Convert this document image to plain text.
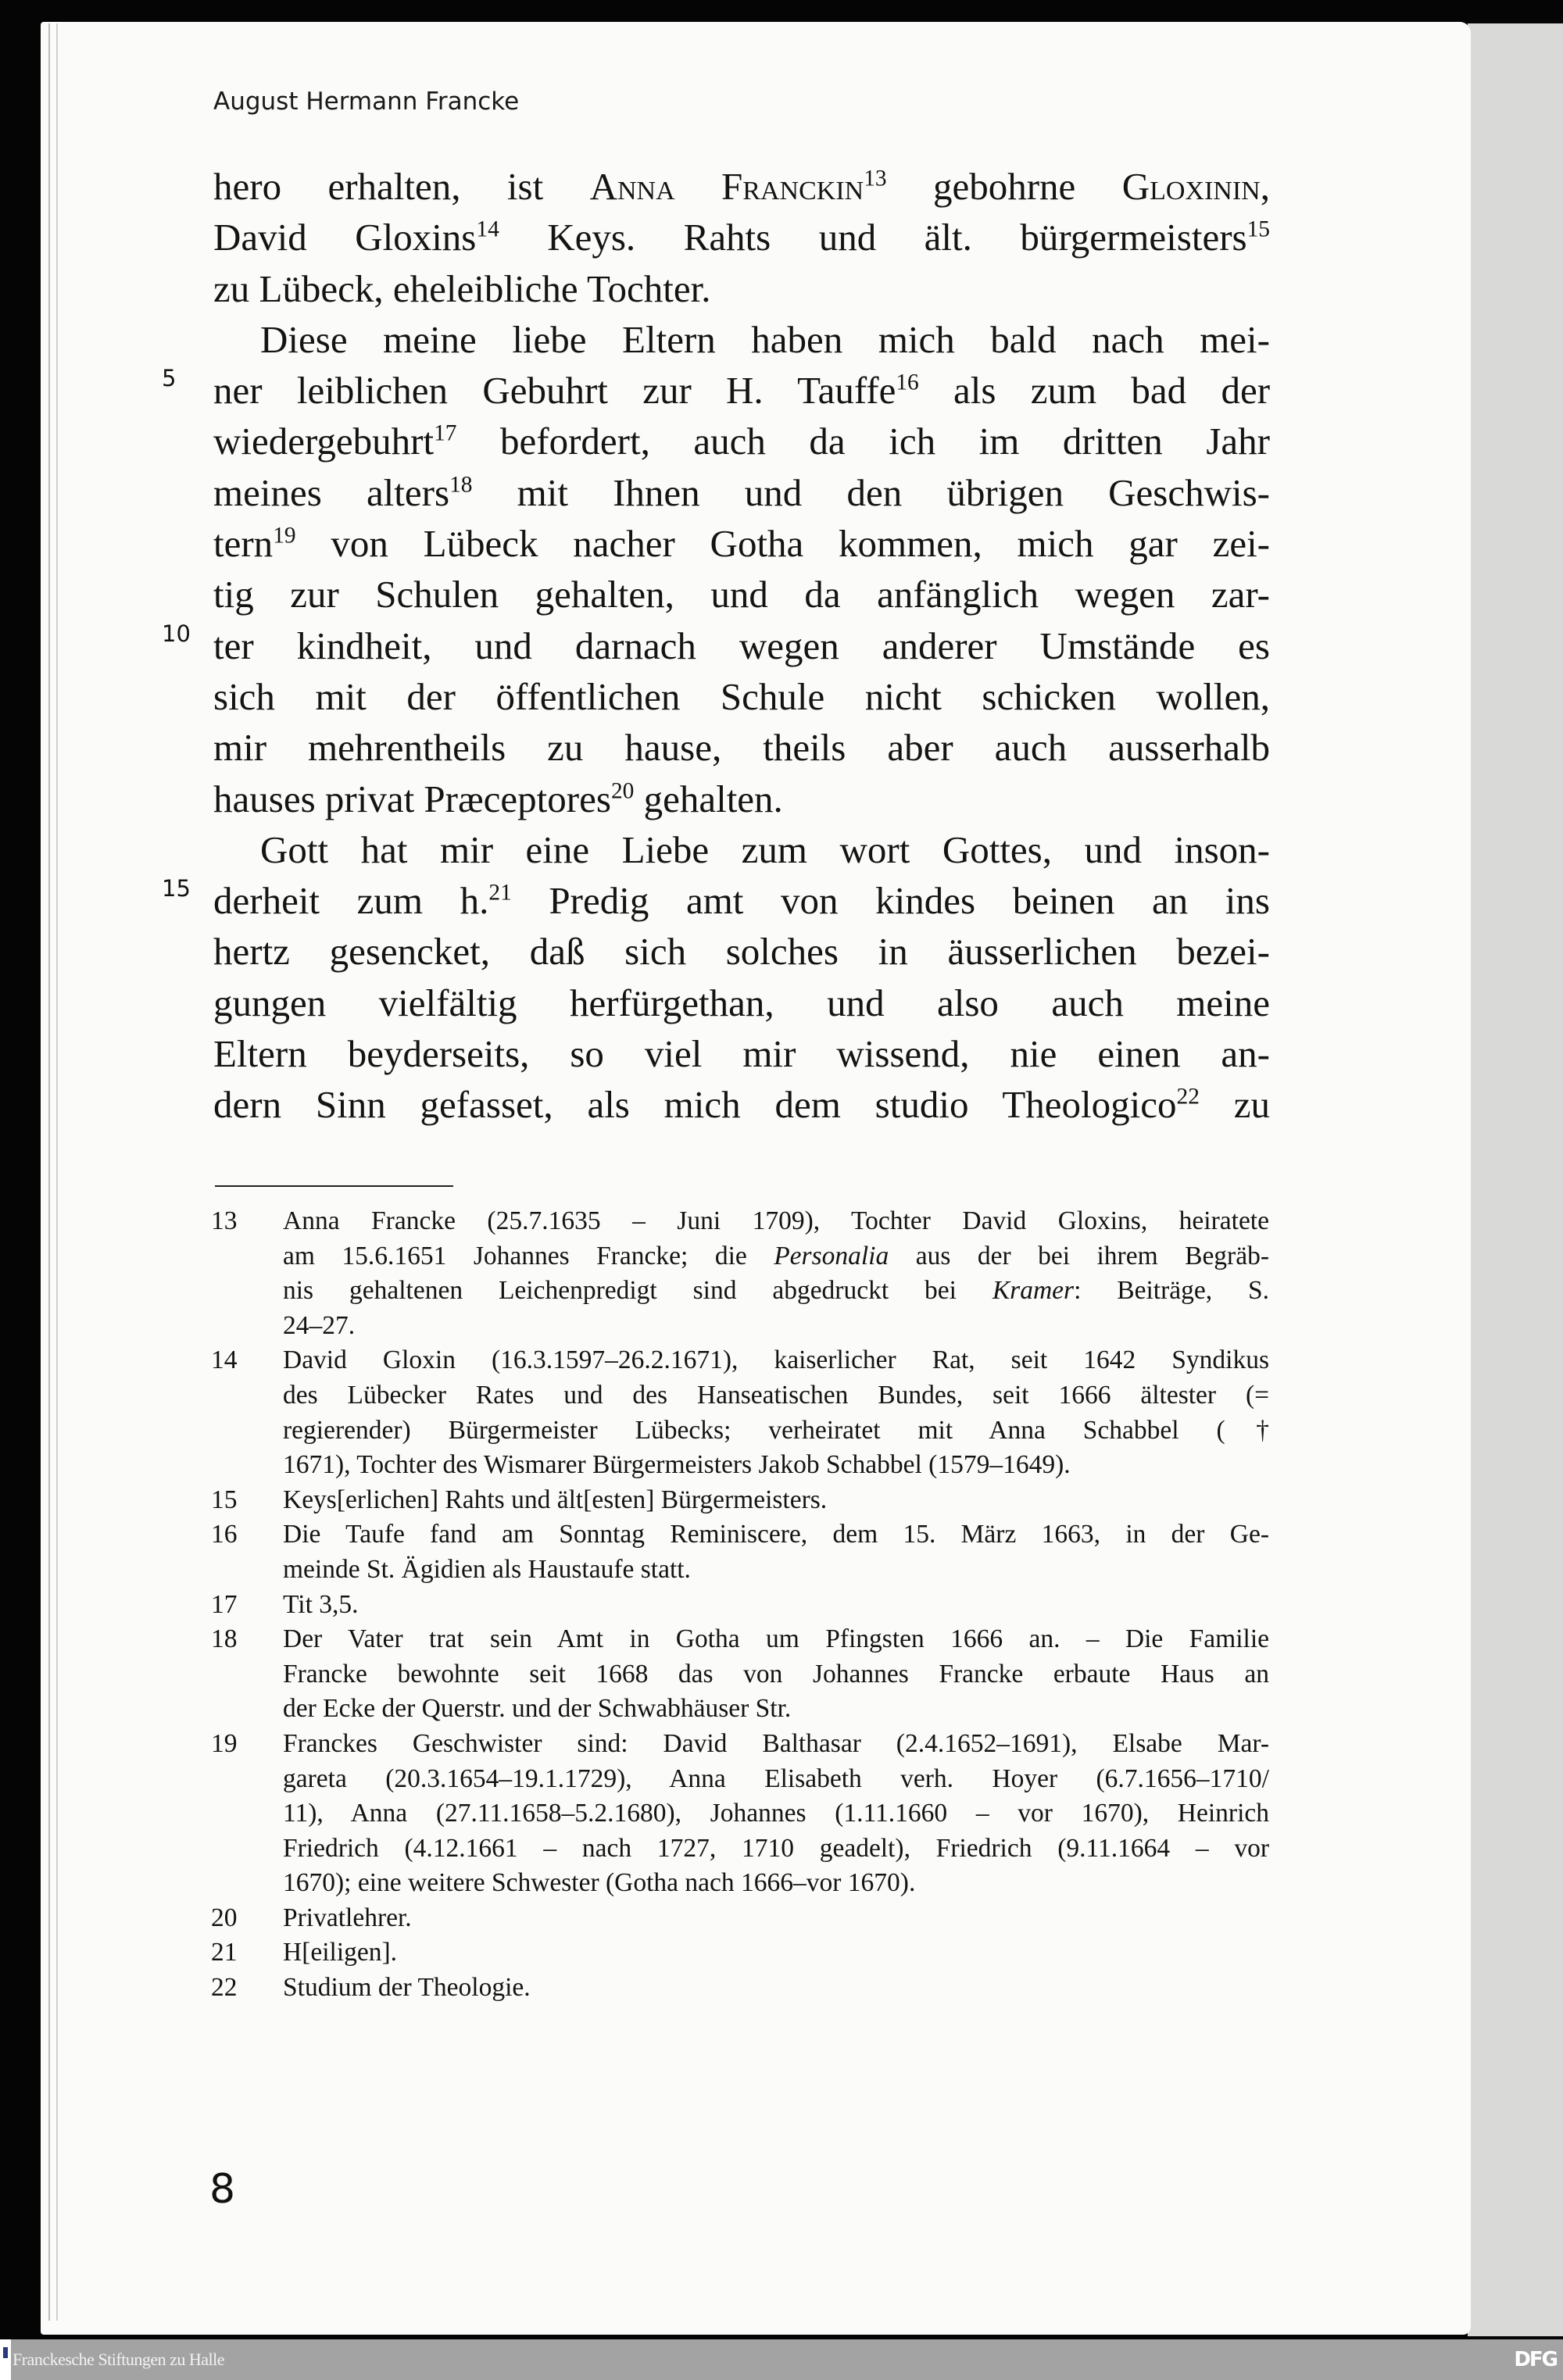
August Hermann Francke
hero erhalten, ist Anna Franckin$^{13}$ gebohrne Gloxinin,
David Gloxins$^{14}$ Keys. Rahts und ält. bürgermeisters$^{15}$
zu Lübeck, eheleibliche Tochter.
Diese meine liebe Eltern haben mich bald nach mei-
5 ner leiblichen Gebuhrt zur H. Tauffe$^{16}$ als zum bad der
wiedergebuhrt$^{17}$ befordert, auch da ich im dritten Jahr
meines alters$^{18}$ mit Ihnen und den übrigen Geschwis-
tern$^{19}$ von Lübeck nacher Gotha kommen, mich gar zei-
tig zur Schulen gehalten, und da anfänglich wegen zar-
10 ter kindheit, und darnach wegen anderer Umstände es
sich mit der öffentlichen Schule nicht schicken wollen,
mir mehrentheils zu hause, theils aber auch ausserhalb
hauses privat Præceptores$^{20}$ gehalten.
Gott hat mir eine Liebe zum wort Gottes, und inson-
15 derheit zum h.$^{21}$ Predig amt von kindes beinen an ins
hertz gesencket, daß sich solches in äusserlichen bezei-
gungen vielfältig herfürgethan, und also auch meine
Eltern beyderseits, so viel mir wissend, nie einen an-
dern Sinn gefasset, als mich dem studio Theologico$^{22}$ zu
13	Anna Francke (25.7.1635 – Juni 1709), Tochter David Gloxins, heiratete
am 15.6.1651 Johannes Francke; die Personalia aus der bei ihrem Begräb-
nis gehaltenen Leichenpredigt sind abgedruckt bei Kramer: Beiträge, S.
24–27.
14	David Gloxin (16.3.1597–26.2.1671), kaiserlicher Rat, seit 1642 Syndikus
des Lübecker Rates und des Hanseatischen Bundes, seit 1666 ältester (=
regierender) Bürgermeister Lübecks; verheiratet mit Anna Schabbel (†
1671), Tochter des Wismarer Bürgermeisters Jakob Schabbel (1579–1649).
15	Keys[erlichen] Rahts und ält[esten] Bürgermeisters.
16	Die Taufe fand am Sonntag Reminiscere, dem 15. März 1663, in der Ge-
meinde St. Ägidien als Haustaufe statt.
17	Tit 3,5.
18	Der Vater trat sein Amt in Gotha um Pfingsten 1666 an. – Die Familie
Francke bewohnte seit 1668 das von Johannes Francke erbaute Haus an
der Ecke der Querstr. und der Schwabhäuser Str.
19	Franckes Geschwister sind: David Balthasar (2.4.1652–1691), Elsabe Mar-
gareta (20.3.1654–19.1.1729), Anna Elisabeth verh. Hoyer (6.7.1656–1710/
11), Anna (27.11.1658–5.2.1680), Johannes (1.11.1660 – vor 1670), Heinrich
Friedrich (4.12.1661 – nach 1727, 1710 geadelt), Friedrich (9.11.1664 – vor
1670); eine weitere Schwester (Gotha nach 1666–vor 1670).
20	Privatlehrer.
21	H[eiligen].
22	Studium der Theologie.
8
Franckesche Stiftungen zu Halle	DFG
